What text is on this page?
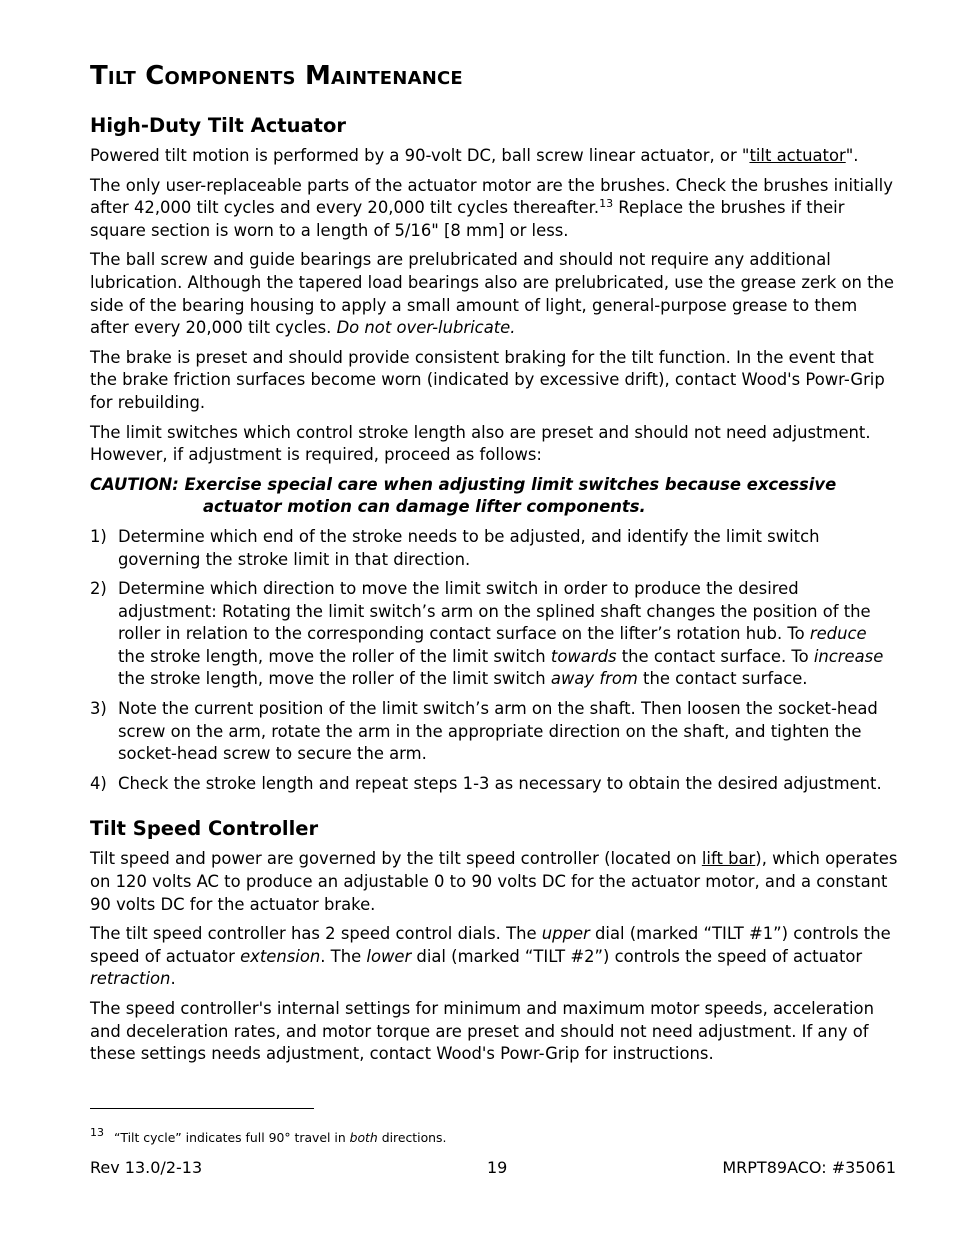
Tilt Components Maintenance
High-Duty Tilt Actuator

Powered tilt motion is performed by a 90-volt DC, ball screw linear actuator, or "tilt actuator".

The only user-replaceable parts of the actuator motor are the brushes. Check the brushes initially after 42,000 tilt cycles and every 20,000 tilt cycles thereafter.$^{13}$ Replace the brushes if their square section is worn to a length of 5/16" [8 mm] or less.

The ball screw and guide bearings are prelubricated and should not require any additional lubrication. Although the tapered load bearings also are prelubricated, use the grease zerk on the side of the bearing housing to apply a small amount of light, general-purpose grease to them after every 20,000 tilt cycles. Do not over-lubricate.

The brake is preset and should provide consistent braking for the tilt function. In the event that the brake friction surfaces become worn (indicated by excessive drift), contact Wood's Powr-Grip for rebuilding.

The limit switches which control stroke length also are preset and should not need adjustment. However, if adjustment is required, proceed as follows:

CAUTION: Exercise special care when adjusting limit switches because excessive
actuator motion can damage lifter components.
1) Determine which end of the stroke needs to be adjusted, and identify the limit switch governing the stroke limit in that direction.
2) Determine which direction to move the limit switch in order to produce the desired adjustment: Rotating the limit switch’s arm on the splined shaft changes the position of the roller in relation to the corresponding contact surface on the lifter’s rotation hub. To reduce the stroke length, move the roller of the limit switch towards the contact surface. To increase the stroke length, move the roller of the limit switch away from the contact surface.
3) Note the current position of the limit switch’s arm on the shaft. Then loosen the socket-head screw on the arm, rotate the arm in the appropriate direction on the shaft, and tighten the socket-head screw to secure the arm.
4) Check the stroke length and repeat steps 1-3 as necessary to obtain the desired adjustment.
Tilt Speed Controller

Tilt speed and power are governed by the tilt speed controller (located on lift bar), which operates on 120 volts AC to produce an adjustable 0 to 90 volts DC for the actuator motor, and a constant 90 volts DC for the actuator brake.

The tilt speed controller has 2 speed control dials. The upper dial (marked “TILT #1”) controls the speed of actuator extension. The lower dial (marked “TILT #2”) controls the speed of actuator retraction.

The speed controller's internal settings for minimum and maximum motor speeds, acceleration and deceleration rates, and motor torque are preset and should not need adjustment. If any of these settings needs adjustment, contact Wood's Powr-Grip for instructions.

13 “Tilt cycle” indicates full 90° travel in both directions.
Rev 13.0/2-13	19	MRPT89ACO: #35061
